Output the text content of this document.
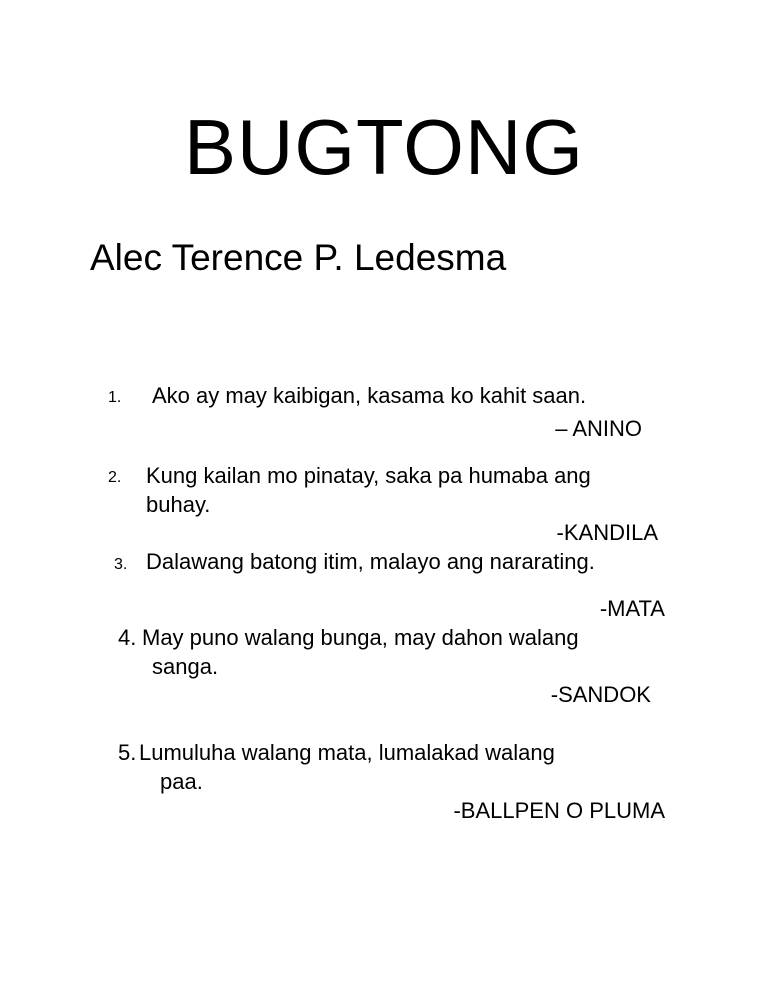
BUGTONG
Alec Terence P. Ledesma
1. Ako ay may kaibigan, kasama ko kahit saan.
– ANINO
2. Kung kailan mo pinatay, saka pa humaba ang
buhay.
-KANDILA
3. Dalawang batong itim, malayo ang nararating.
-MATA
4. May puno walang bunga, may dahon walang
sanga.
-SANDOK
5. Lumuluha walang mata, lumalakad walang
paa.
-BALLPEN O PLUMA
